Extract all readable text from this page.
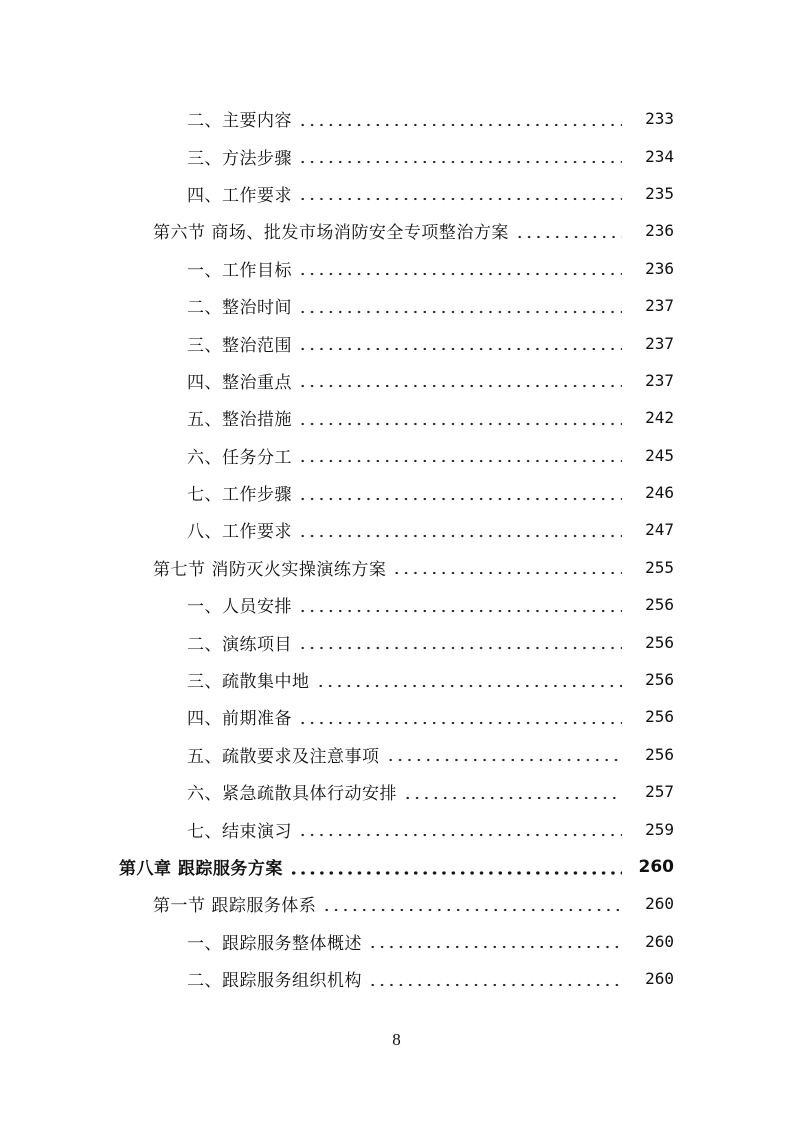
二、主要内容	233
三、方法步骤	234
四、工作要求	235
第六节 商场、批发市场消防安全专项整治方案	236
一、工作目标	236
二、整治时间	237
三、整治范围	237
四、整治重点	237
五、整治措施	242
六、任务分工	245
七、工作步骤	246
八、工作要求	247
第七节 消防灭火实操演练方案	255
一、人员安排	256
二、演练项目	256
三、疏散集中地	256
四、前期准备	256
五、疏散要求及注意事项	256
六、紧急疏散具体行动安排	257
七、结束演习	259
第八章 跟踪服务方案	260
第一节 跟踪服务体系	260
一、跟踪服务整体概述	260
二、跟踪服务组织机构	260
8
